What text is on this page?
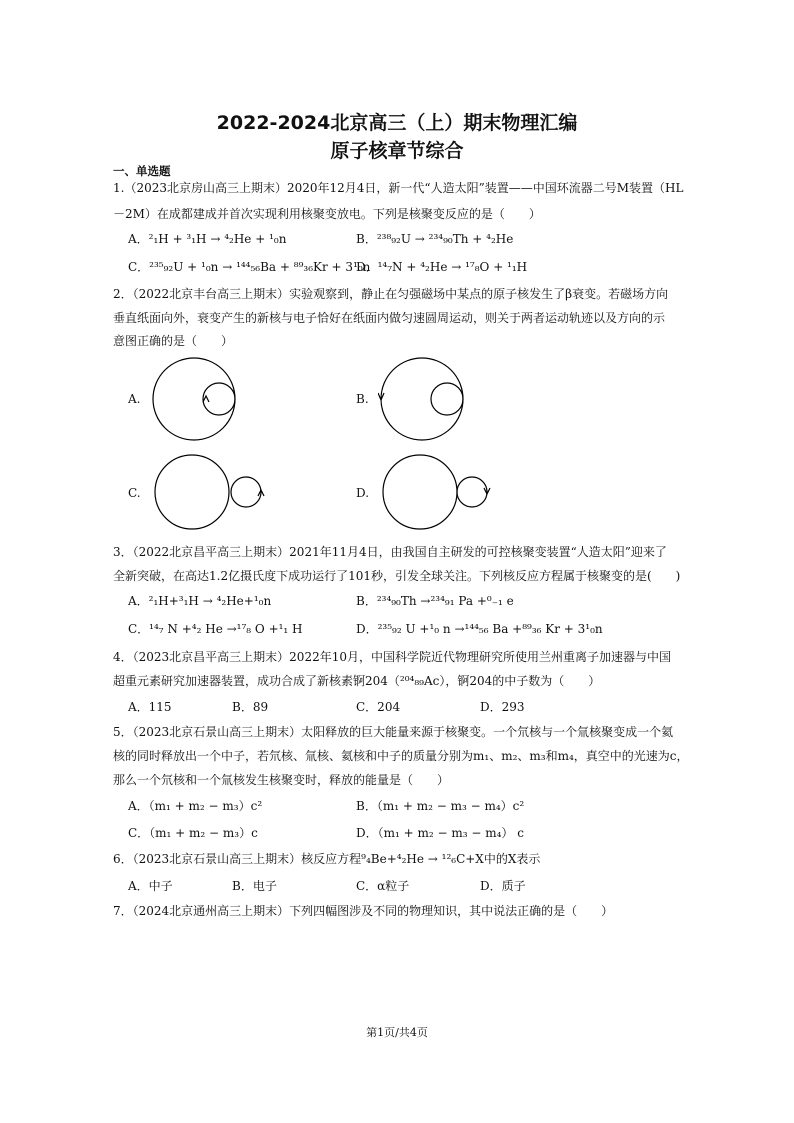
2022-2024北京高三（上）期末物理汇编
原子核章节综合
一、单选题
1.（2023北京房山高三上期末）2020年12月4日，新一代“人造太阳”装置——中国环流器二号M装置（HL
－2M）在成都建成并首次实现利用核聚变放电。下列是核聚变反应的是（　　）
A．²₁H + ³₁H → ⁴₂He + ¹₀n	B．²³⁸₉₂U → ²³⁴₉₀Th + ⁴₂He
C．²³⁵₉₂U + ¹₀n → ¹⁴⁴₅₆Ba + ⁸⁹₃₆Kr + 3¹₀n
D．¹⁴₇N + ⁴₂He → ¹⁷₈O + ¹₁H
2．（2022北京丰台高三上期末）实验观察到，静止在匀强磁场中某点的原子核发生了β衰变。若磁场方向
垂直纸面向外，衰变产生的新核与电子恰好在纸面内做匀速圆周运动，则关于两者运动轨迹以及方向的示
意图正确的是（　　）
A.	B.
C.	D.
3．（2022北京昌平高三上期末）2021年11月4日，由我国自主研发的可控核聚变装置“人造太阳”迎来了
全新突破，在高达1.2亿摄氏度下成功运行了101秒，引发全球关注。下列核反应方程属于核聚变的是(　　)
A．²₁H+³₁H → ⁴₂He+¹₀n	B．²³⁴₉₀Th →²³⁴₉₁ Pa +⁰₋₁ e
C．¹⁴₇ N +⁴₂ He →¹⁷₈ O +¹₁ H	D．²³⁵₉₂ U +¹₀ n →¹⁴⁴₅₆ Ba +⁸⁹₃₆ Kr + 3¹₀n
4．（2023北京昌平高三上期末）2022年10月，中国科学院近代物理研究所使用兰州重离子加速器与中国
超重元素研究加速器装置，成功合成了新核素锕204（²⁰⁴₈₉Ac），锕204的中子数为（　　）
A．115	B．89	C．204	D．293
5．（2023北京石景山高三上期末）太阳释放的巨大能量来源于核聚变。一个氘核与一个氚核聚变成一个氦
核的同时释放出一个中子，若氘核、氚核、氦核和中子的质量分别为m₁、m₂、m₃和m₄，真空中的光速为c，
那么一个氘核和一个氚核发生核聚变时，释放的能量是（　　）
A．（m₁ + m₂ − m₃）c²	B．（m₁ + m₂ − m₃ − m₄）c²
C．（m₁ + m₂ − m₃）c	D．（m₁ + m₂ − m₃ − m₄） c
6．（2023北京石景山高三上期末）核反应方程⁹₄Be+⁴₂He → ¹²₆C+X中的X表示
A．中子	B．电子	C．α粒子	D．质子
7．（2024北京通州高三上期末）下列四幅图涉及不同的物理知识，其中说法正确的是（　　）
第1页/共4页
